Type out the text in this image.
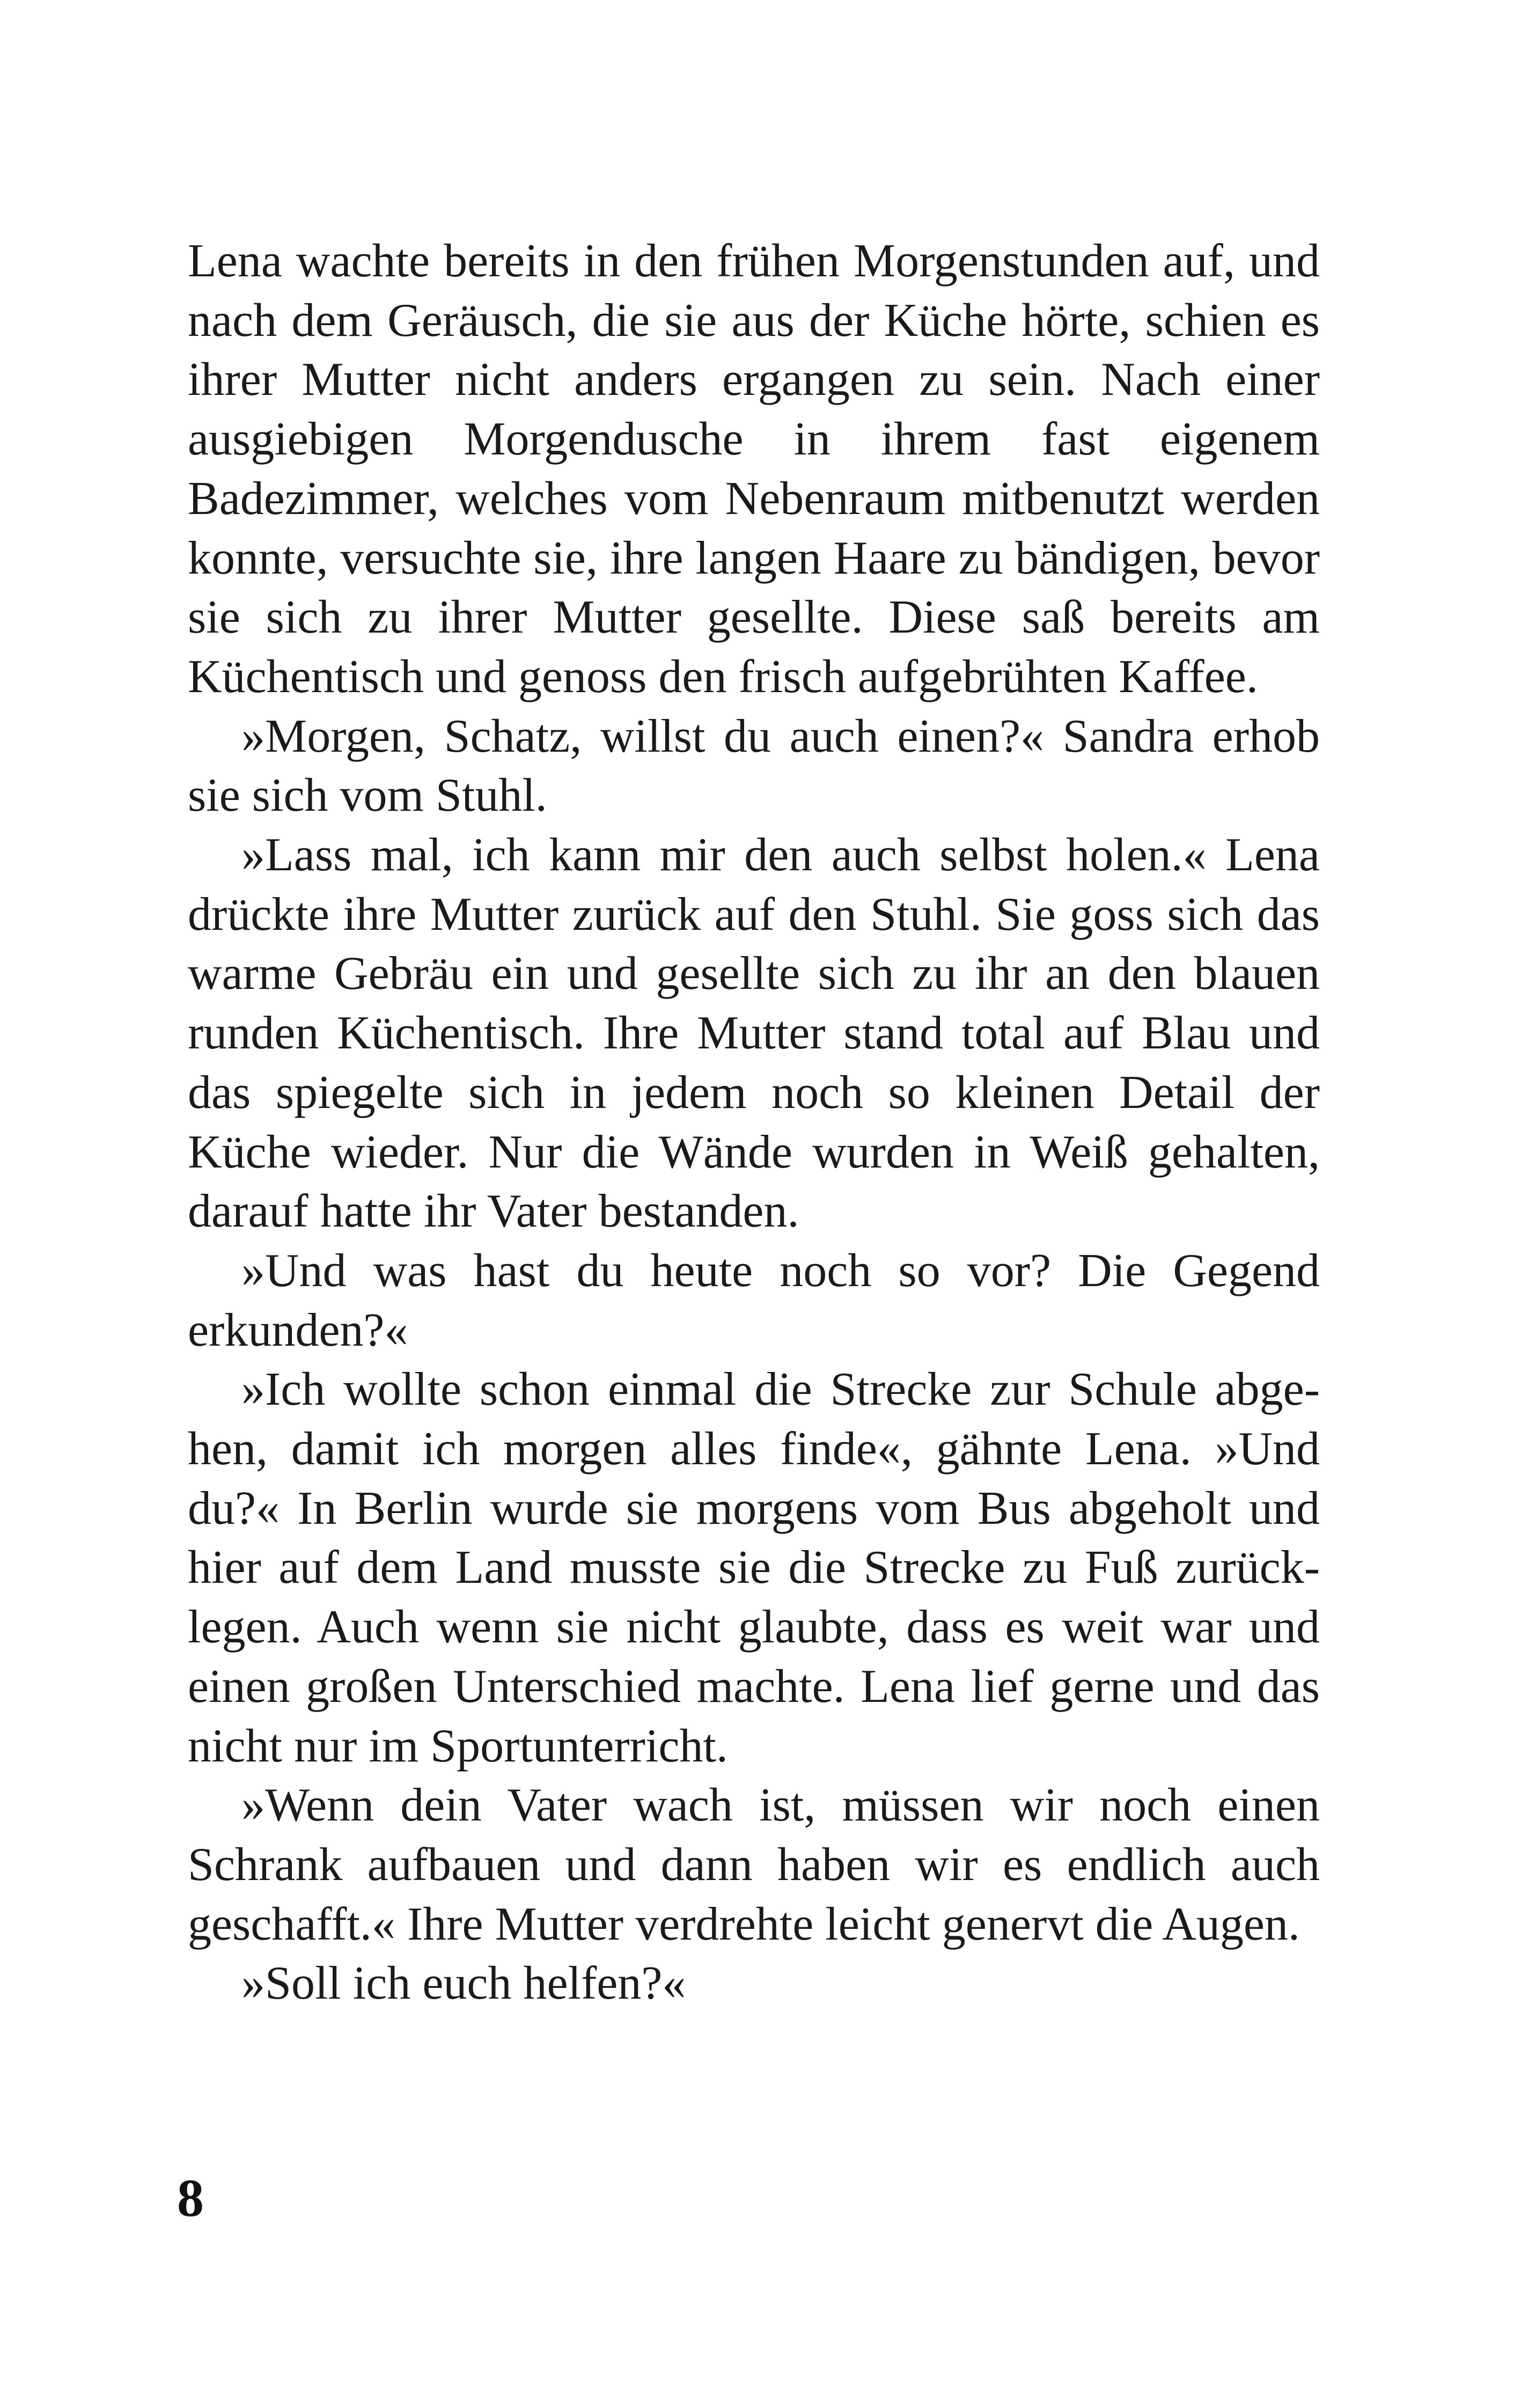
Lena wachte bereits in den frühen Morgenstunden auf, und nach dem Geräusch, die sie aus der Küche hörte, schien es ihrer Mutter nicht anders ergangen zu sein. Nach einer ausgiebigen Morgendusche in ihrem fast eigenem Badezimmer, welches vom Nebenraum mitbenutzt werden konnte, versuchte sie, ihre langen Haare zu bändigen, bevor sie sich zu ihrer Mutter gesellte. Diese saß bereits am Küchentisch und genoss den frisch aufgebrühten Kaffee.

»Morgen, Schatz, willst du auch einen?« Sandra erhob sie sich vom Stuhl.

»Lass mal, ich kann mir den auch selbst holen.« Lena drückte ihre Mutter zurück auf den Stuhl. Sie goss sich das warme Gebräu ein und gesellte sich zu ihr an den blauen runden Küchentisch. Ihre Mutter stand total auf Blau und das spiegelte sich in jedem noch so kleinen Detail der Küche wieder. Nur die Wände wurden in Weiß gehalten, darauf hatte ihr Vater bestanden.

»Und was hast du heute noch so vor? Die Gegend erkunden?«

»Ich wollte schon einmal die Strecke zur Schule abgehen, damit ich morgen alles finde«, gähnte Lena. »Und du?« In Berlin wurde sie morgens vom Bus abgeholt und hier auf dem Land musste sie die Strecke zu Fuß zurücklegen. Auch wenn sie nicht glaubte, dass es weit war und einen großen Unterschied machte. Lena lief gerne und das nicht nur im Sportunterricht.

»Wenn dein Vater wach ist, müssen wir noch einen Schrank aufbauen und dann haben wir es endlich auch geschafft.« Ihre Mutter verdrehte leicht genervt die Augen.

»Soll ich euch helfen?«

8
